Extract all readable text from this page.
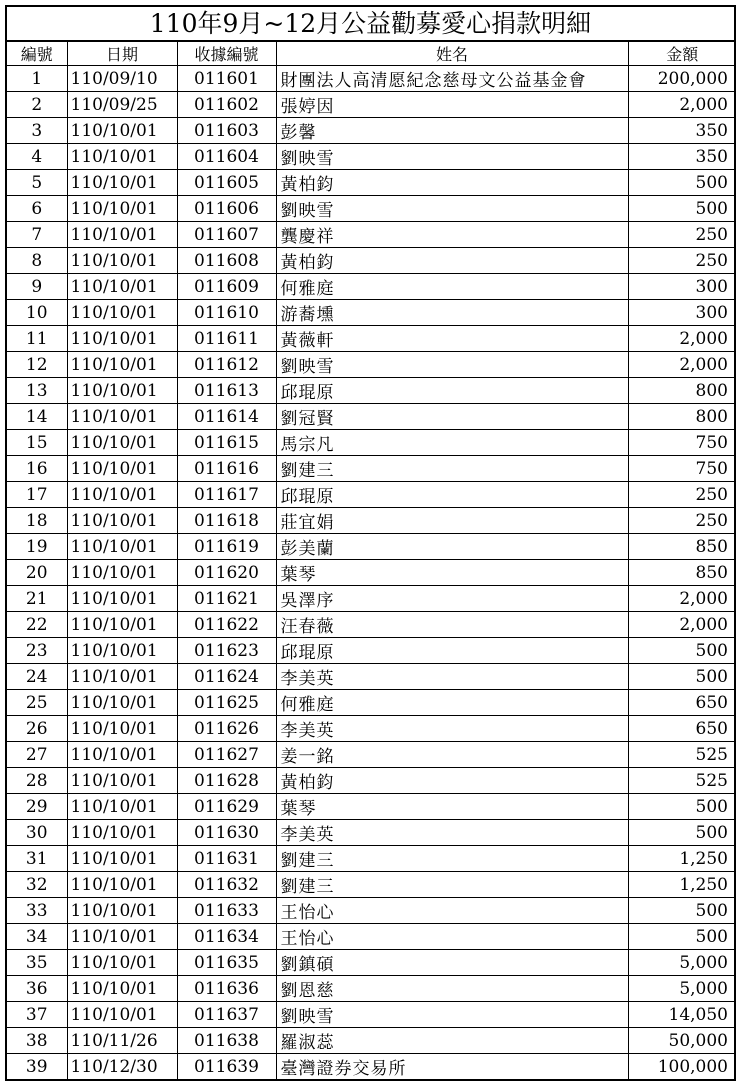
110年9月~12月公益勸募愛心捐款明細
編號	日期	收據編號	姓名	金額
1	110/09/10	011601	財團法人高清愿紀念慈母文公益基金會	200,000
2	110/09/25	011602	張婷因	2,000
3	110/10/01	011603	彭馨	350
4	110/10/01	011604	劉映雪	350
5	110/10/01	011605	黃柏鈞	500
6	110/10/01	011606	劉映雪	500
7	110/10/01	011607	龔慶祥	250
8	110/10/01	011608	黃柏鈞	250
9	110/10/01	011609	何雅庭	300
10	110/10/01	011610	游蕎壎	300
11	110/10/01	011611	黃薇軒	2,000
12	110/10/01	011612	劉映雪	2,000
13	110/10/01	011613	邱琨原	800
14	110/10/01	011614	劉冠賢	800
15	110/10/01	011615	馬宗凡	750
16	110/10/01	011616	劉建三	750
17	110/10/01	011617	邱琨原	250
18	110/10/01	011618	莊宜娟	250
19	110/10/01	011619	彭美蘭	850
20	110/10/01	011620	葉琴	850
21	110/10/01	011621	吳澤序	2,000
22	110/10/01	011622	汪春薇	2,000
23	110/10/01	011623	邱琨原	500
24	110/10/01	011624	李美英	500
25	110/10/01	011625	何雅庭	650
26	110/10/01	011626	李美英	650
27	110/10/01	011627	姜一銘	525
28	110/10/01	011628	黃柏鈞	525
29	110/10/01	011629	葉琴	500
30	110/10/01	011630	李美英	500
31	110/10/01	011631	劉建三	1,250
32	110/10/01	011632	劉建三	1,250
33	110/10/01	011633	王怡心	500
34	110/10/01	011634	王怡心	500
35	110/10/01	011635	劉鎮碩	5,000
36	110/10/01	011636	劉恩慈	5,000
37	110/10/01	011637	劉映雪	14,050
38	110/11/26	011638	羅淑蕊	50,000
39	110/12/30	011639	臺灣證券交易所	100,000
